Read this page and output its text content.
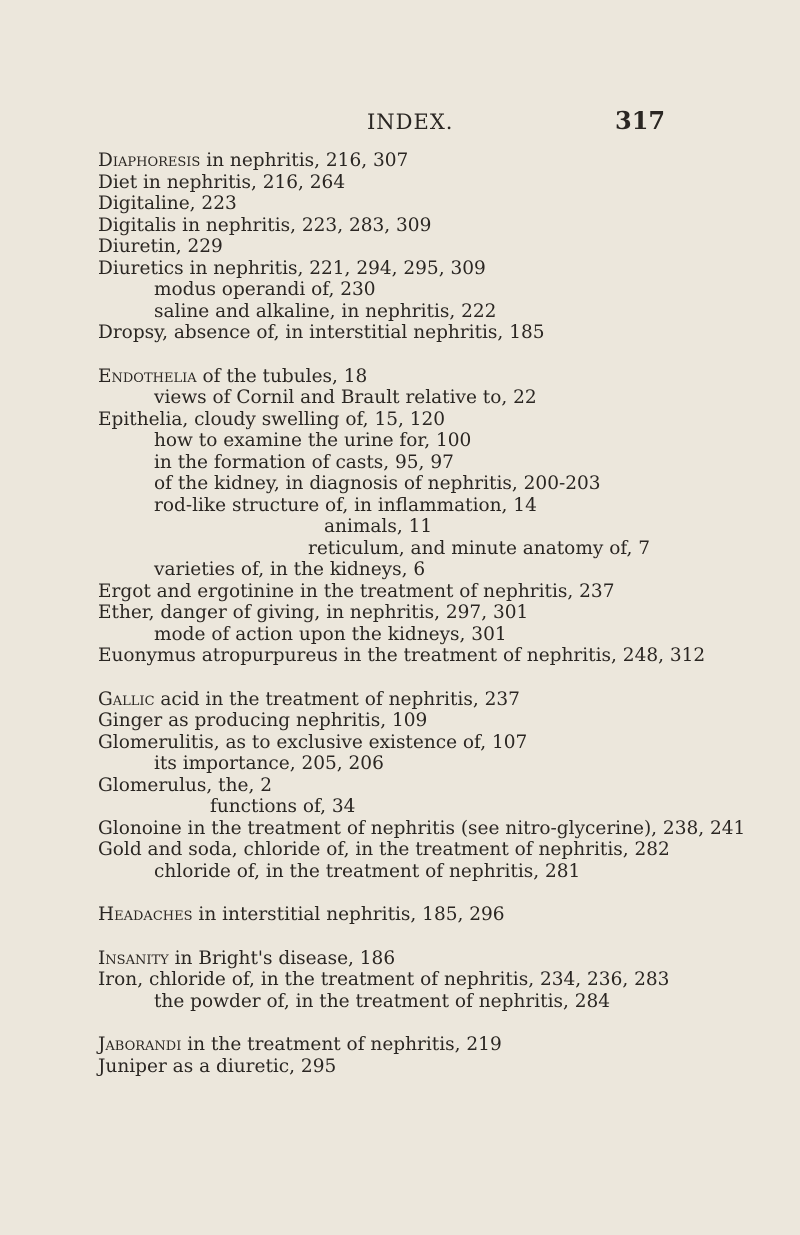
INDEX.	317
Diaphoresis in nephritis, 216, 307
Diet in nephritis, 216, 264
Digitaline, 223
Digitalis in nephritis, 223, 283, 309
Diuretin, 229
Diuretics in nephritis, 221, 294, 295, 309
modus operandi of, 230
saline and alkaline, in nephritis, 222
Dropsy, absence of, in interstitial nephritis, 185
Endothelia of the tubules, 18
views of Cornil and Brault relative to, 22
Epithelia, cloudy swelling of, 15, 120
how to examine the urine for, 100
in the formation of casts, 95, 97
of the kidney, in diagnosis of nephritis, 200-203
rod-like structure of, in inflammation, 14
animals, 11
reticulum, and minute anatomy of, 7
varieties of, in the kidneys, 6
Ergot and ergotinine in the treatment of nephritis, 237
Ether, danger of giving, in nephritis, 297, 301
mode of action upon the kidneys, 301
Euonymus atropurpureus in the treatment of nephritis, 248, 312
Gallic acid in the treatment of nephritis, 237
Ginger as producing nephritis, 109
Glomerulitis, as to exclusive existence of, 107
its importance, 205, 206
Glomerulus, the, 2
functions of, 34
Glonoine in the treatment of nephritis (see nitro-glycerine), 238, 241
Gold and soda, chloride of, in the treatment of nephritis, 282
chloride of, in the treatment of nephritis, 281
Headaches in interstitial nephritis, 185, 296
Insanity in Bright's disease, 186
Iron, chloride of, in the treatment of nephritis, 234, 236, 283
the powder of, in the treatment of nephritis, 284
Jaborandi in the treatment of nephritis, 219
Juniper as a diuretic, 295
